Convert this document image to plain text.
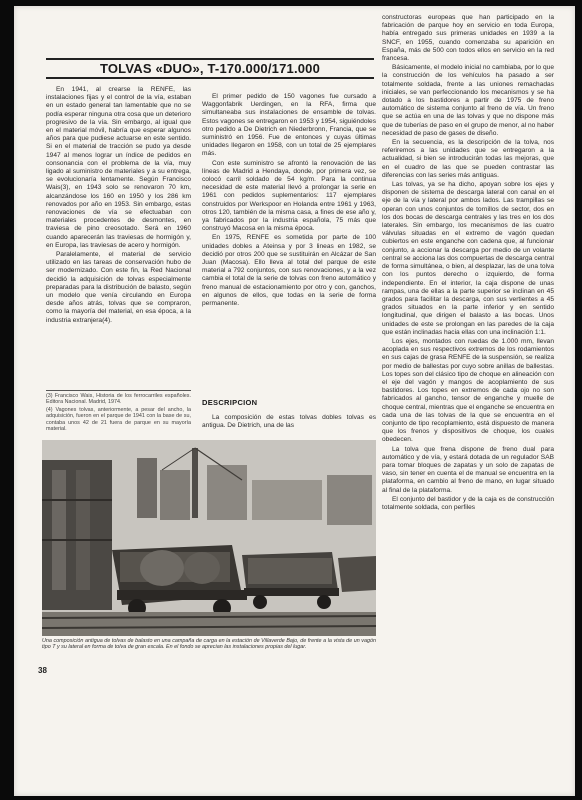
TOLVAS «DUO», T-170.000/171.000

En 1941, al crearse la RENFE, las instalaciones fijas y el control de la vía, estaban en un estado general tan lamentable que no se podía esperar ninguna otra cosa que un deterioro progresivo de la vía. Sin embargo, al igual que en el material móvil, habría que esperar algunos años para que pudiese actuarse en este sentido. Si en el material de tracción se pudo ya desde 1947 al menos lograr un índice de pedidos en consonancia con el problema de la vía, muy ligado al suministro de materiales y a su entrega, se evolucionaría lentamente. Según Francisco Wais(3), en 1943 solo se renovaron 70 km, alcanzándose los 160 en 1950 y los 286 km renovados por año en 1953. Sin embargo, estas renovaciones de vía se efectuaban con materiales procedentes de desmontes, en traviesa de pino creosotado. Será en 1960 cuando aparecerán las traviesas de hormigón y, en Europa, las traviesas de acero y hormigón.

Paralelamente, el material de servicio utilizado en las tareas de conservación hubo de ser modernizado. Con este fin, la Red Nacional decidió la adquisición de tolvas especialmente preparadas para la distribución de balasto, según un modelo que venía circulando en Europa desde años atrás, tolvas que se compraron, como la mayoría del material, en esa época, a la industria extranjera(4).

(3) Francisco Wais, Historia de los ferrocarriles españoles. Editora Nacional. Madrid, 1974.

(4) Vagones tolvas, anteriormente, a pesar del ancho, la adquisición, fueron en el parque de 1941 con la base de su, contaba unos 42 de 21 fuera de parque en su mayoría material.

El primer pedido de 150 vagones fue cursado a Waggonfabrik Uerdingen, en la RFA, firma que simultaneaba sus instalaciones de ensamble de tolvas. Estos vagones se entregaron en 1953 y 1954, siguiéndoles otro pedido a De Dietrich en Niederbronn, Francia, que se suministró en 1956. Fue de entonces y cuyas últimas unidades llegaron en 1958, con un total de 25 ejemplares más.

Con este suministro se afrontó la renovación de las líneas de Madrid a Hendaya, donde, por primera vez, se colocó carril soldado de 54 kg/m. Para la continua necesidad de este material llevó a prolongar la serie en 1961 con pedidos suplementarios: 117 ejemplares construidos por Werkspoor en Holanda entre 1961 y 1963, otros 120, también de la misma casa, a fines de ese año y, ya fabricados por la industria española, 75 más que construyó Macosa en la misma época.

En 1975, RENFE es sometida por parte de 100 unidades dobles a Ateinsa y por 3 lineas en 1982, se decidió por otros 200 que se sustituirán en Alcázar de San Juan (Macosa). Ello lleva al total del parque de este material a 792 conjuntos, con sus renovaciones, y a la vez cambia el total de la serie de tolvas con freno automático y freno manual de estacionamiento por otro y con, ganchos, en algunos de ellos, que todas en la serie de forma permanente.

DESCRIPCION

La composición de estas tolvas dobles tolvas es antigua. De Dietrich, una de las

constructoras europeas que han participado en la fabricación de parque hoy en servicio en toda Europa, había entregado sus primeras unidades en 1939 a la SNCF, en 1955, cuando comenzaba su aparición en España, más de 500 con todos ellos en servicio en la red francesa.

Básicamente, el modelo inicial no cambiaba, por lo que la construcción de los vehículos ha pasado a ser totalmente soldada, frente a las uniones remachadas iniciales, se van perfeccionando los mecanismos y se ha dotado a los bastidores a partir de 1975 de freno automático de sistema conjunto al freno de vía. Un freno que se actúa en una de las tolvas y que no dispone más que de tuberías de paso en el grupo de menor, al no haber necesidad de paso de gases de diseño.

En la secuencia, es la descripción de la tolva, nos referiremos a las unidades que se entregaron a la actualidad, si bien se introducirán todas las mejoras, que en el cuadro de las que se pueden contrastar las diferencias con las series más antiguas.

Las tolvas, ya se ha dicho, apoyan sobre los ejes y disponen de sistema de descarga lateral con canal en el eje de la vía y lateral por ambos lados. Las trampillas se operan con unos conjuntos de tornillos de sector, dos en los dos bocas de descarga centrales y las tres en los dos laterales. Sin embargo, los mecanismos de las cuatro válvulas situadas en el extremo de vagón quedan cubiertos en este enganche con cadena que, al funcionar conjunto, a accionar la descarga por medio de un volante central se acciona las dos compuertas de descarga central de forma simultánea, o bien, al desplazar, las de una tolva con los puntos derecho o izquierdo, de forma independiente. En el interior, la caja dispone de unas rampas, una de ellas a la parte superior se inclinan en 45 grados para facilitar la descarga, con sus vertientes a 45 grados situados en la parte inferior y en sentido longitudinal, que dirigen el balasto a las bocas. Unos unidades de este se prolongan en las paredes de la caja que están inclinadas hacia ellas con una inclinación 1:1.

Los ejes, montados con ruedas de 1.000 mm, llevan acoplada en sus respectivos extremos de los rodamientos en sus cajas de grasa RENFE de la suspensión, se realiza por medio de ballestas por cuyo sobre anillas de ballestas. Los topes son del clásico tipo de choque en alineación con el eje del vagón y mangos de acoplamiento de sus bastidores. Los topes en extremos de cada ojo no son fabricados al gancho, tensor de enganche y muelle de choque central, mientras que el enganche se encuentra en cada una de las tolvas de la que se encuentra en el conjunto de tipo recoplamiento, está dispuesto de manera que los frenos y dispositivos de choque, los cuales obedecen.

La tolva que frena dispone de freno dual para automático y de vía, y estará dotada de un regulador SAB para tomar bloques de zapatas y un solo de zapatas de vaso, sin tener en cuenta el de manual se encuentra en la plataforma, en cambio al freno de mano, en lugar situado al final de la plataforma.

El conjunto del bastidor y de la caja es de construcción totalmente soldada, con perfiles

Una composición antigua de tolvas de balasto en una campaña de carga en la estación de Villaverde Bajo, de frente a la vista de un vagón tipo T y su lateral en forma de tolva de gran escala. En el fondo se aprecian las instalaciones propias del lugar.
38
